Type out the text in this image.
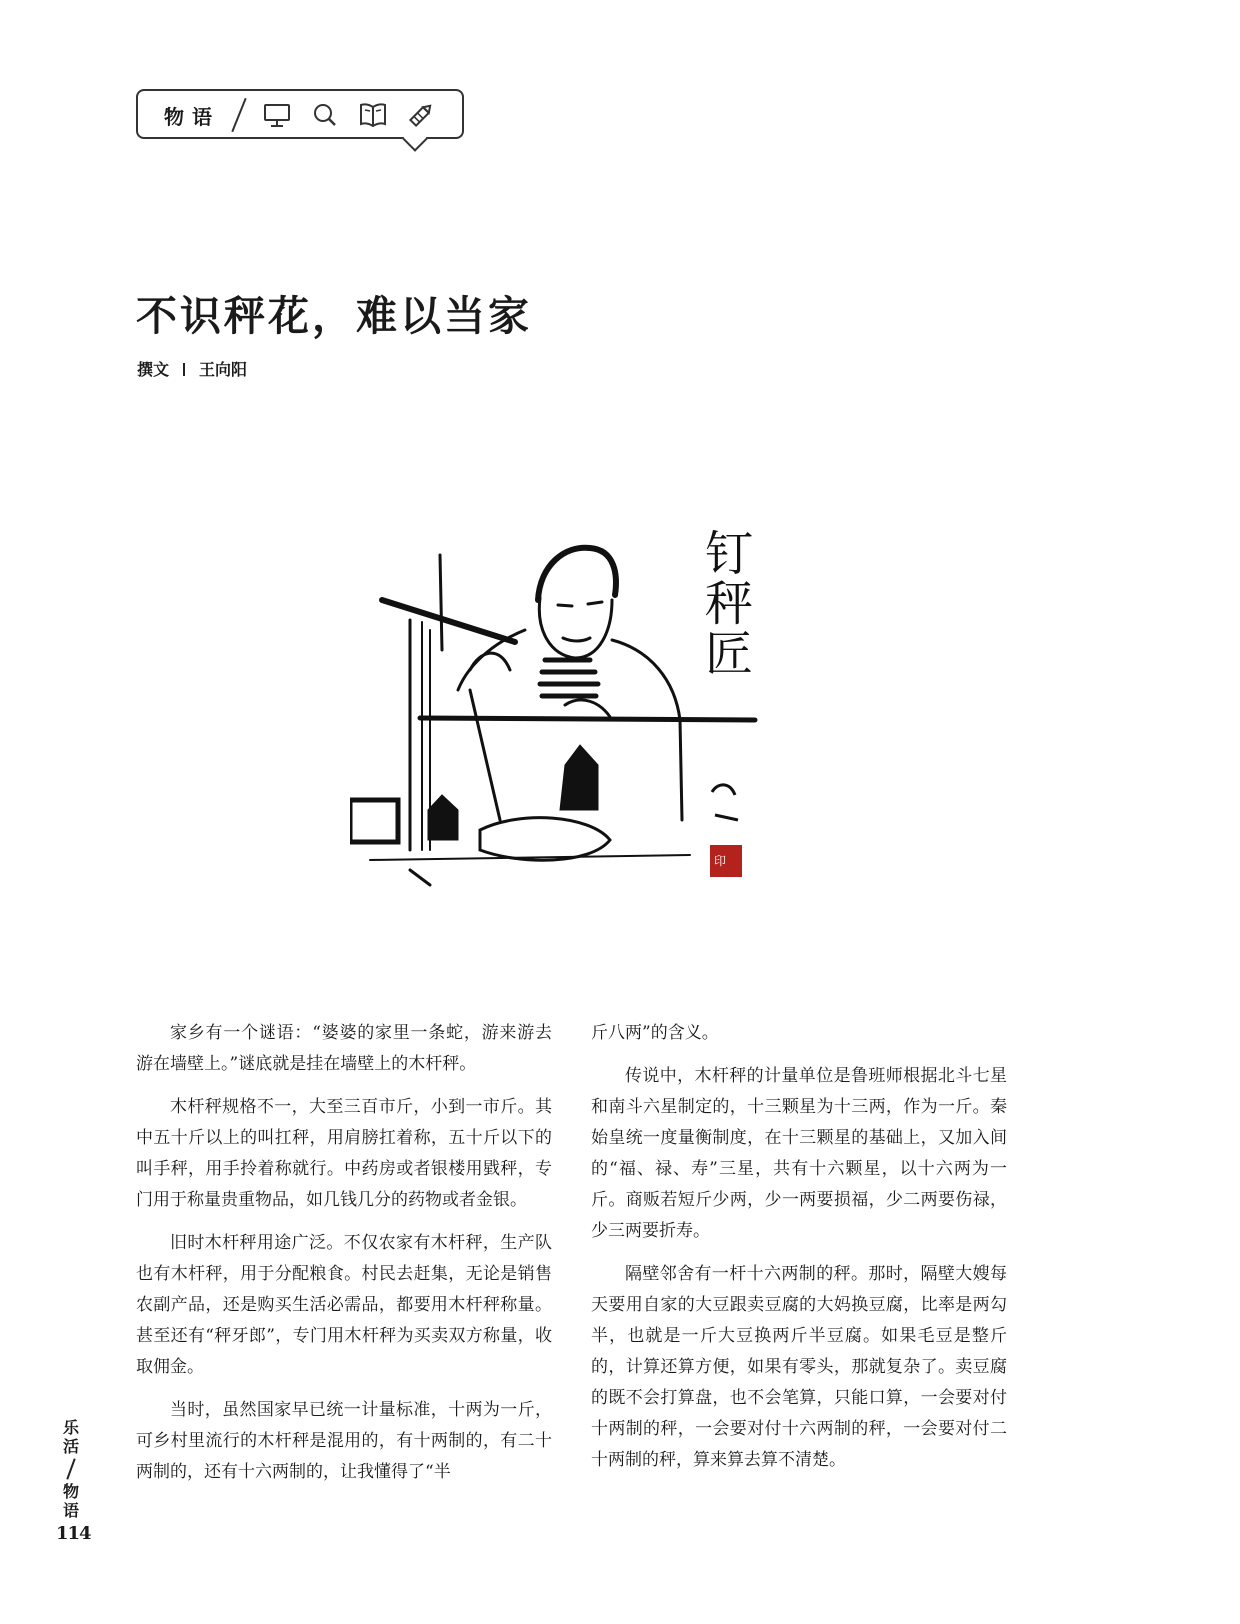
物语
不识秤花，难以当家
撰文 王向阳
钉
秤
匠
印

家乡有一个谜语：“婆婆的家里一条蛇，游来游去游在墙壁上。”谜底就是挂在墙壁上的木杆秤。

木杆秤规格不一，大至三百市斤，小到一市斤。其中五十斤以上的叫扛秤，用肩膀扛着称，五十斤以下的叫手秤，用手拎着称就行。中药房或者银楼用戥秤，专门用于称量贵重物品，如几钱几分的药物或者金银。

旧时木杆秤用途广泛。不仅农家有木杆秤，生产队也有木杆秤，用于分配粮食。村民去赶集，无论是销售农副产品，还是购买生活必需品，都要用木杆秤称量。甚至还有“秤牙郎”，专门用木杆秤为买卖双方称量，收取佣金。

当时，虽然国家早已统一计量标准，十两为一斤，可乡村里流行的木杆秤是混用的，有十两制的，有二十两制的，还有十六两制的，让我懂得了“半

斤八两”的含义。

传说中，木杆秤的计量单位是鲁班师根据北斗七星和南斗六星制定的，十三颗星为十三两，作为一斤。秦始皇统一度量衡制度，在十三颗星的基础上，又加入间的“福、禄、寿”三星，共有十六颗星，以十六两为一斤。商贩若短斤少两，少一两要损福，少二两要伤禄，少三两要折寿。

隔壁邻舍有一杆十六两制的秤。那时，隔壁大嫂每天要用自家的大豆跟卖豆腐的大妈换豆腐，比率是两勾半，也就是一斤大豆换两斤半豆腐。如果毛豆是整斤的，计算还算方便，如果有零头，那就复杂了。卖豆腐的既不会打算盘，也不会笔算，只能口算，一会要对付十两制的秤，一会要对付十六两制的秤，一会要对付二十两制的秤，算来算去算不清楚。

乐
活
物
语
114
